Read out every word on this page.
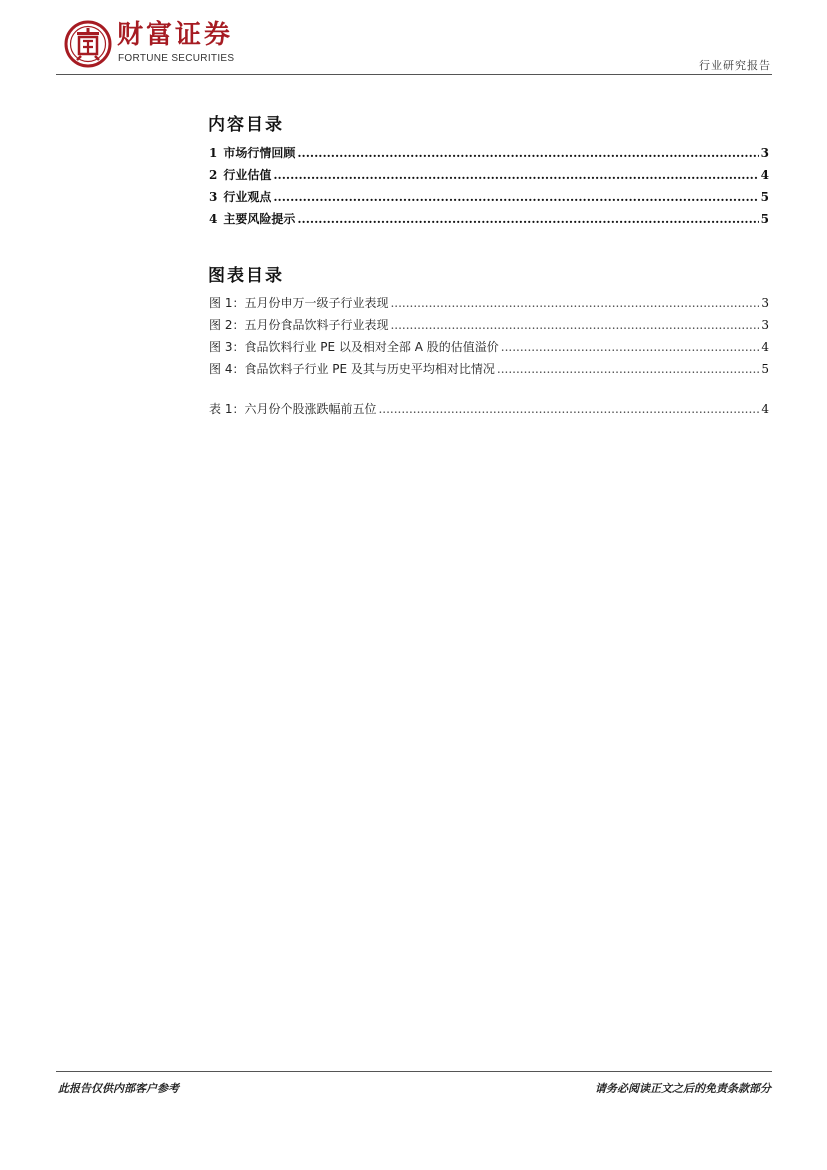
财富证券
FORTUNE SECURITIES
行业研究报告
内容目录
1 市场行情回顾 .....	3
2 行业估值 .....	4
3 行业观点 .....	5
4 主要风险提示 .....	5
图表目录
图 1：五月份申万一级子行业表现 .....	3
图 2：五月份食品饮料子行业表现 .....	3
图 3：食品饮料行业 PE 以及相对全部 A 股的估值溢价 .....	4
图 4：食品饮料子行业 PE 及其与历史平均相对比情况 .....	5
表 1：六月份个股涨跌幅前五位 .....	4
此报告仅供内部客户参考	请务必阅读正文之后的免责条款部分
